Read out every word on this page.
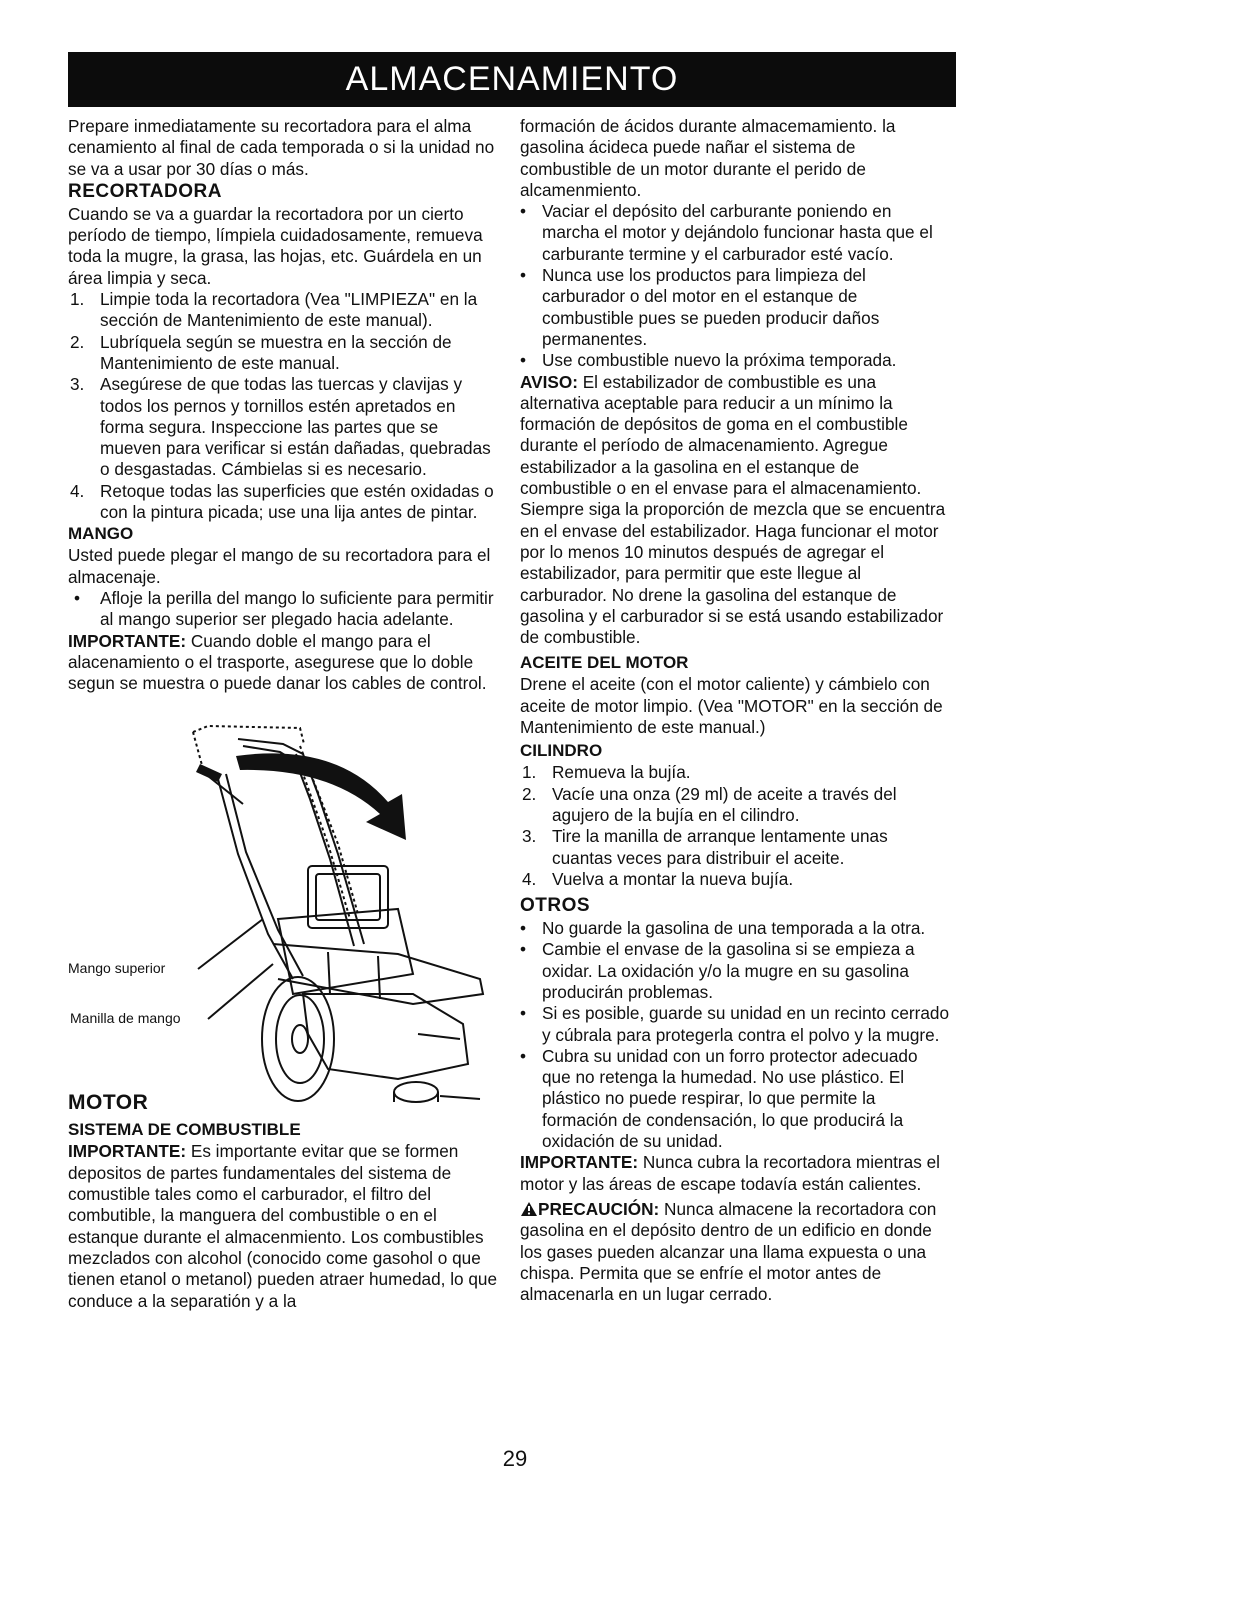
ALMACENAMIENTO

Prepare inmediatamente su recortadora para el alma cenamiento al final de cada temporada o si la unidad no se va a usar por 30 días o más.

RECORTADORA

Cuando se va a guardar la recortadora por un cierto período de tiempo, límpiela cuidadosamente, remueva toda la mugre, la grasa, las hojas, etc. Guárdela en un área limpia y seca.

1. Limpie toda la recortadora (Vea "LIMPIEZA" en la sección de Mantenimiento de este manual).
2. Lubríquela según se muestra en la sección de Mantenimiento de este manual.
3. Asegúrese de que todas las tuercas y clavijas y todos los pernos y tornillos estén apretados en forma segura. Inspeccione las partes que se mueven para verificar si están dañadas, quebradas o desgastadas. Cámbielas si es necesario.
4. Retoque todas las superficies que estén oxidadas o con la pintura picada; use una lija antes de pintar.
MANGO

Usted puede plegar el mango de su recortadora para el almacenaje.

• Afloje la perilla del mango lo suficiente para permitir al mango superior ser plegado hacia adelante.

IMPORTANTE: Cuando doble el mango para el alacenamiento o el trasporte, asegurese que lo doble segun se muestra o puede danar los cables de control.

Mango superior
Manilla de mango
MOTOR
SISTEMA DE COMBUSTIBLE

IMPORTANTE: Es importante evitar que se formen depositos de partes fundamentales del sistema de comustible tales como el carburador, el filtro del combutible, la manguera del combustible o en el estanque durante el almacenmiento. Los combustibles mezclados con alcohol (conocido come gasohol o que tienen etanol o metanol) pueden atraer humedad, lo que conduce a la separatión y a la

formación de ácidos durante almacemamiento. la gasolina ácideca puede nañar el sistema de combustible de un motor durante el perido de alcamenmiento.

• Vaciar el depósito del carburante poniendo en marcha el motor y dejándolo funcionar hasta que el carburante termine y el carburador esté vacío.
• Nunca use los productos para limpieza del carburador o del motor en el estanque de combustible pues se pueden producir daños permanentes.
• Use combustible nuevo la próxima temporada.

AVISO: El estabilizador de combustible es una alternativa aceptable para reducir a un mínimo la formación de depósitos de goma en el combustible durante el período de almacenamiento. Agregue estabilizador a la gasolina en el estanque de combustible o en el envase para el almacenamiento. Siempre siga la proporción de mezcla que se encuentra en el envase del estabilizador. Haga funcionar el motor por lo menos 10 minutos después de agregar el estabilizador, para permitir que este llegue al carburador. No drene la gasolina del estanque de gasolina y el carburador si se está usando estabilizador de combustible.

ACEITE DEL MOTOR

Drene el aceite (con el motor caliente) y cámbielo con aceite de motor limpio. (Vea "MOTOR" en la sección de Mantenimiento de este manual.)

CILINDRO
1. Remueva la bujía.
2. Vacíe una onza (29 ml) de aceite a través del agujero de la bujía en el cilindro.
3. Tire la manilla de arranque lentamente unas cuantas veces para distribuir el aceite.
4. Vuelva a montar la nueva bujía.
OTROS
• No guarde la gasolina de una temporada a la otra.
• Cambie el envase de la gasolina si se empieza a oxidar. La oxidación y/o la mugre en su gasolina producirán problemas.
• Si es posible, guarde su unidad en un recinto cerrado y cúbrala para protegerla contra el polvo y la mugre.
• Cubra su unidad con un forro protector adecuado que no retenga la humedad. No use plástico. El plástico no puede respirar, lo que permite la formación de condensación, lo que producirá la oxidación de su unidad.

IMPORTANTE: Nunca cubra la recortadora mientras el motor y las áreas de escape todavía están calientes.

PRECAUCIÓN: Nunca almacene la recortadora con gasolina en el depósito dentro de un edificio en donde los gases pueden alcanzar una llama expuesta o una chispa. Permita que se enfríe el motor antes de almacenarla en un lugar cerrado.

29
